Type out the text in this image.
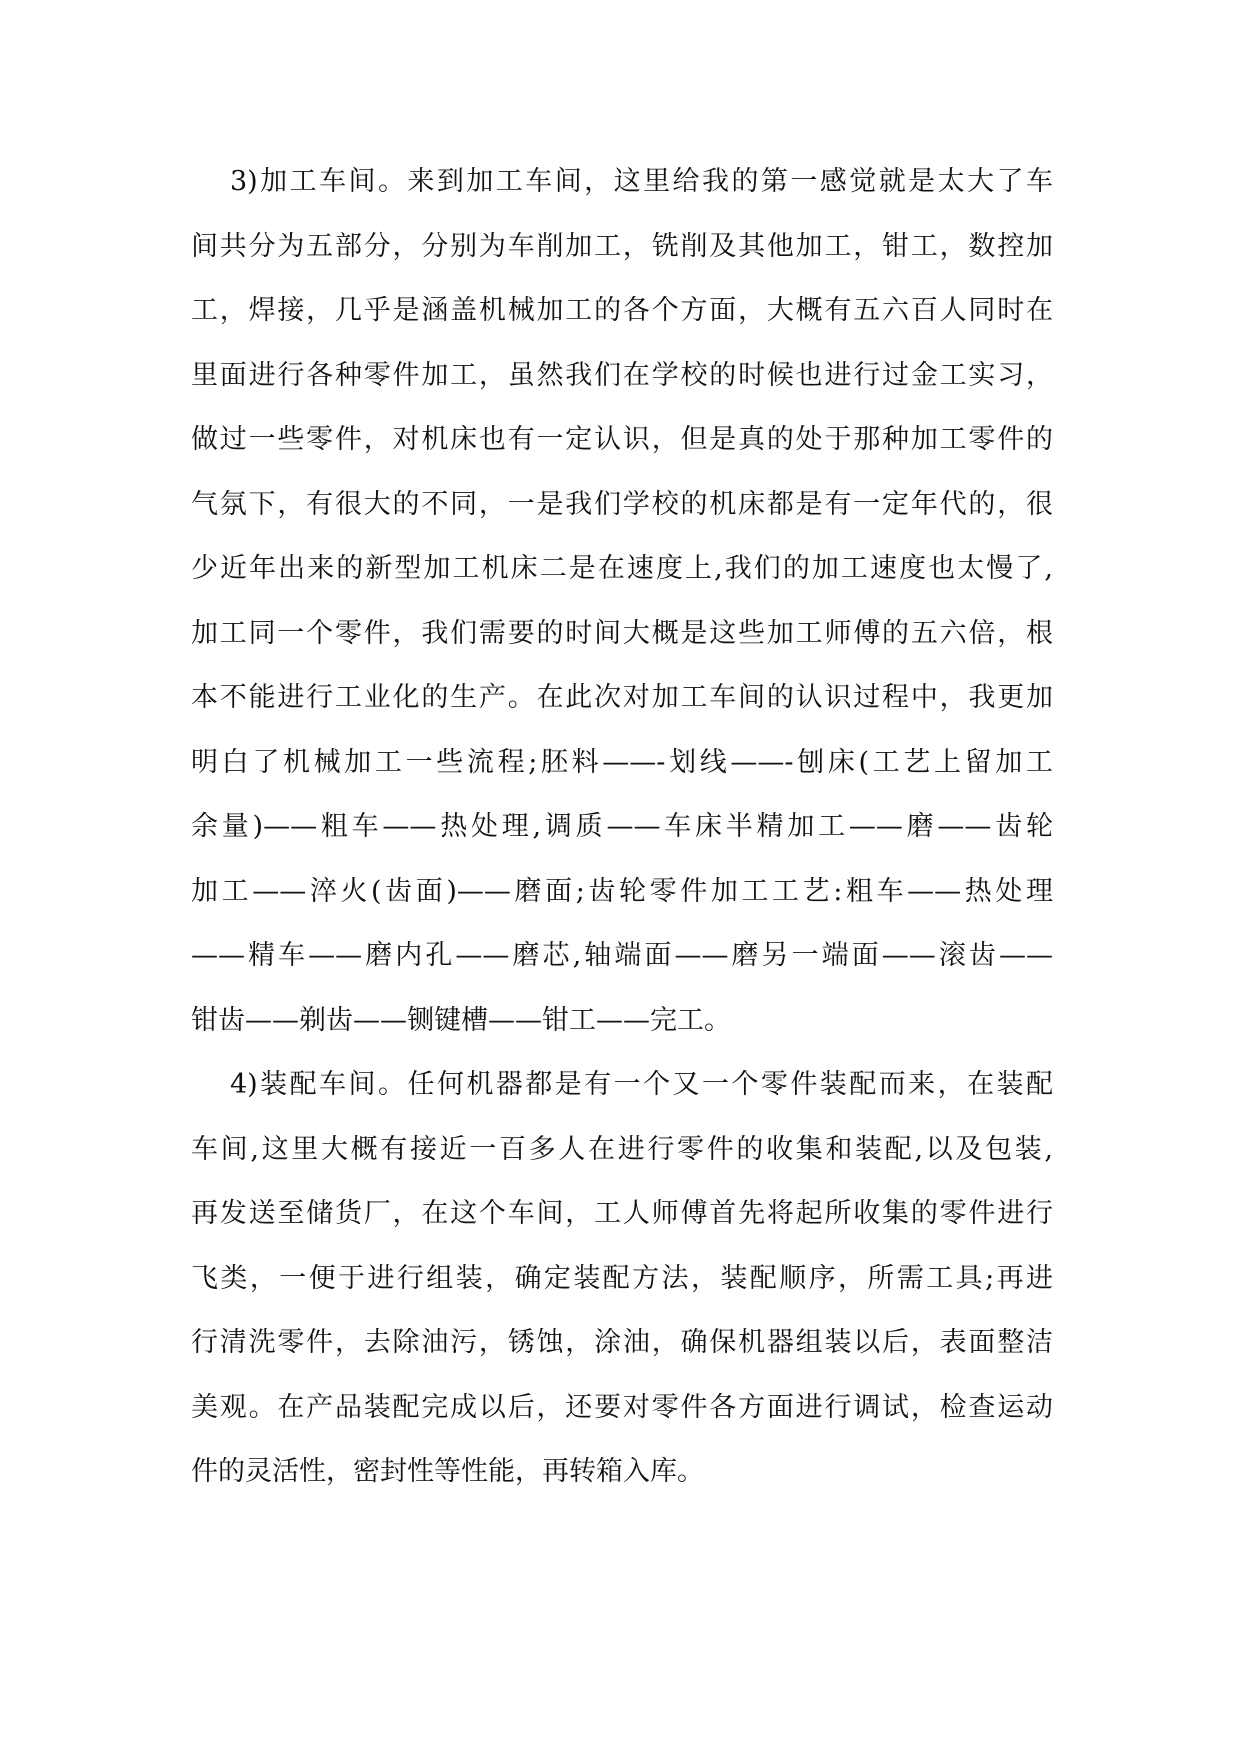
3)加工车间。来到加工车间，这里给我的第一感觉就是太大了车
间共分为五部分，分别为车削加工，铣削及其他加工，钳工，数控加
工，焊接，几乎是涵盖机械加工的各个方面，大概有五六百人同时在
里面进行各种零件加工，虽然我们在学校的时候也进行过金工实习，
做过一些零件，对机床也有一定认识，但是真的处于那种加工零件的
气氛下，有很大的不同，一是我们学校的机床都是有一定年代的，很
少近年出来的新型加工机床二是在速度上,我们的加工速度也太慢了,
加工同一个零件，我们需要的时间大概是这些加工师傅的五六倍，根
本不能进行工业化的生产。在此次对加工车间的认识过程中，我更加
明白了机械加工一些流程;胚料——-划线——-刨床(工艺上留加工
余量)——粗车——热处理,调质——车床半精加工——磨——齿轮
加工——淬火(齿面)——磨面;齿轮零件加工工艺:粗车——热处理
——精车——磨内孔——磨芯,轴端面——磨另一端面——滚齿——
钳齿——剃齿——铡键槽——钳工——完工。
4)装配车间。任何机器都是有一个又一个零件装配而来，在装配
车间,这里大概有接近一百多人在进行零件的收集和装配,以及包装,
再发送至储货厂，在这个车间，工人师傅首先将起所收集的零件进行
飞类，一便于进行组装，确定装配方法，装配顺序，所需工具;再进
行清洗零件，去除油污，锈蚀，涂油，确保机器组装以后，表面整洁
美观。在产品装配完成以后，还要对零件各方面进行调试，检查运动
件的灵活性，密封性等性能，再转箱入库。
